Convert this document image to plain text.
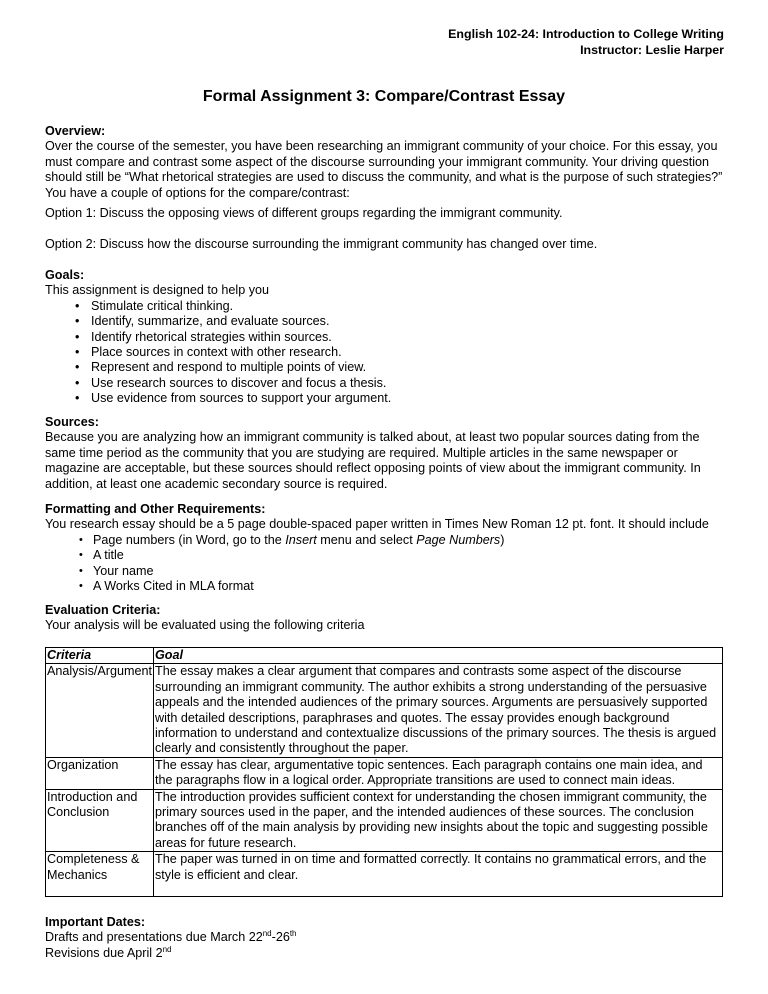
English 102-24: Introduction to College Writing
Instructor: Leslie Harper
Formal Assignment 3: Compare/Contrast Essay
Overview:
Over the course of the semester, you have been researching an immigrant community of your choice. For this essay, you must compare and contrast some aspect of the discourse surrounding your immigrant community. Your driving question should still be “What rhetorical strategies are used to discuss the community, and what is the purpose of such strategies?” You have a couple of options for the compare/contrast:
Option 1: Discuss the opposing views of different groups regarding the immigrant community.
Option 2: Discuss how the discourse surrounding the immigrant community has changed over time.
Goals:
This assignment is designed to help you
• Stimulate critical thinking.
• Identify, summarize, and evaluate sources.
• Identify rhetorical strategies within sources.
• Place sources in context with other research.
• Represent and respond to multiple points of view.
• Use research sources to discover and focus a thesis.
• Use evidence from sources to support your argument.
Sources:
Because you are analyzing how an immigrant community is talked about, at least two popular sources dating from the same time period as the community that you are studying are required. Multiple articles in the same newspaper or magazine are acceptable, but these sources should reflect opposing points of view about the immigrant community. In addition, at least one academic secondary source is required.
Formatting and Other Requirements:
You research essay should be a 5 page double-spaced paper written in Times New Roman 12 pt. font. It should include
• Page numbers (in Word, go to the Insert menu and select Page Numbers)
• A title
• Your name
• A Works Cited in MLA format
Evaluation Criteria:
Your analysis will be evaluated using the following criteria
Criteria	Goal
Analysis/Argument	The essay makes a clear argument that compares and contrasts some aspect of the discourse surrounding an immigrant community. The author exhibits a strong understanding of the persuasive appeals and the intended audiences of the primary sources. Arguments are persuasively supported with detailed descriptions, paraphrases and quotes. The essay provides enough background information to understand and contextualize discussions of the primary sources. The thesis is argued clearly and consistently throughout the paper.
Organization	The essay has clear, argumentative topic sentences. Each paragraph contains one main idea, and the paragraphs flow in a logical order. Appropriate transitions are used to connect main ideas.
Introduction and Conclusion	The introduction provides sufficient context for understanding the chosen immigrant community, the primary sources used in the paper, and the intended audiences of these sources. The conclusion branches off of the main analysis by providing new insights about the topic and suggesting possible areas for future research.
Completeness & Mechanics	The paper was turned in on time and formatted correctly. It contains no grammatical errors, and the style is efficient and clear.
Important Dates:
Drafts and presentations due March 22nd-26th
Revisions due April 2nd
